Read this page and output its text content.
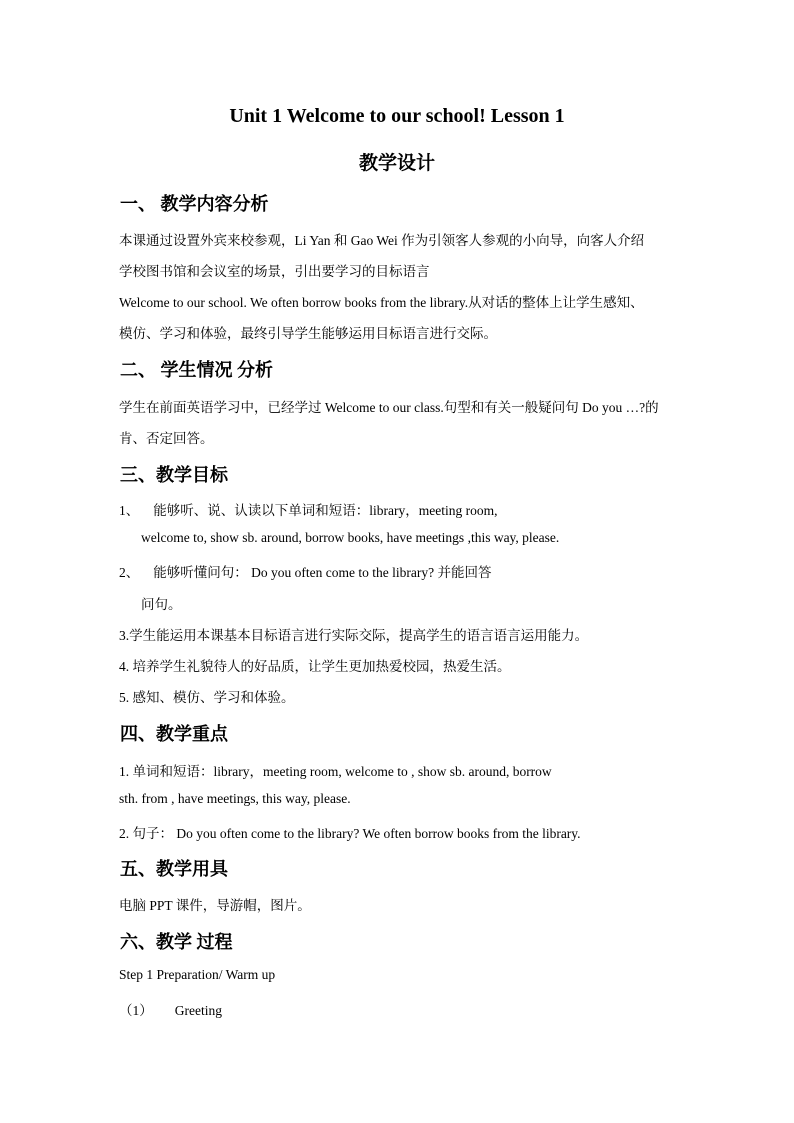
Unit 1 Welcome to our school! Lesson 1
教学设计
一、 教学内容分析
本课通过设置外宾来校参观，Li Yan 和 Gao Wei 作为引领客人参观的小向导，向客人介绍
学校图书馆和会议室的场景，引出要学习的目标语言
Welcome to our school. We often borrow books from the library.从对话的整体上让学生感知、
模仿、学习和体验，最终引导学生能够运用目标语言进行交际。
二、 学生情况 分析
学生在前面英语学习中，已经学过 Welcome to our class.句型和有关一般疑问句 Do you …?的
肯、否定回答。
三、教学目标
1、 能够听、说、认读以下单词和短语：library，meeting room,
welcome to, show sb. around, borrow books, have meetings ,this way, please.
2、 能够听懂问句： Do you often come to the library? 并能回答
问句。
3.学生能运用本课基本目标语言进行实际交际，提高学生的语言语言运用能力。
4. 培养学生礼貌待人的好品质，让学生更加热爱校园，热爱生活。
5. 感知、模仿、学习和体验。
四、教学重点
1. 单词和短语：library，meeting room, welcome to , show sb. around, borrow
sth. from , have meetings, this way, please.
2. 句子： Do you often come to the library? We often borrow books from the library.
五、教学用具
电脑 PPT 课件，导游帽，图片。
六、教学 过程
Step 1 Preparation/ Warm up
（1） Greeting
